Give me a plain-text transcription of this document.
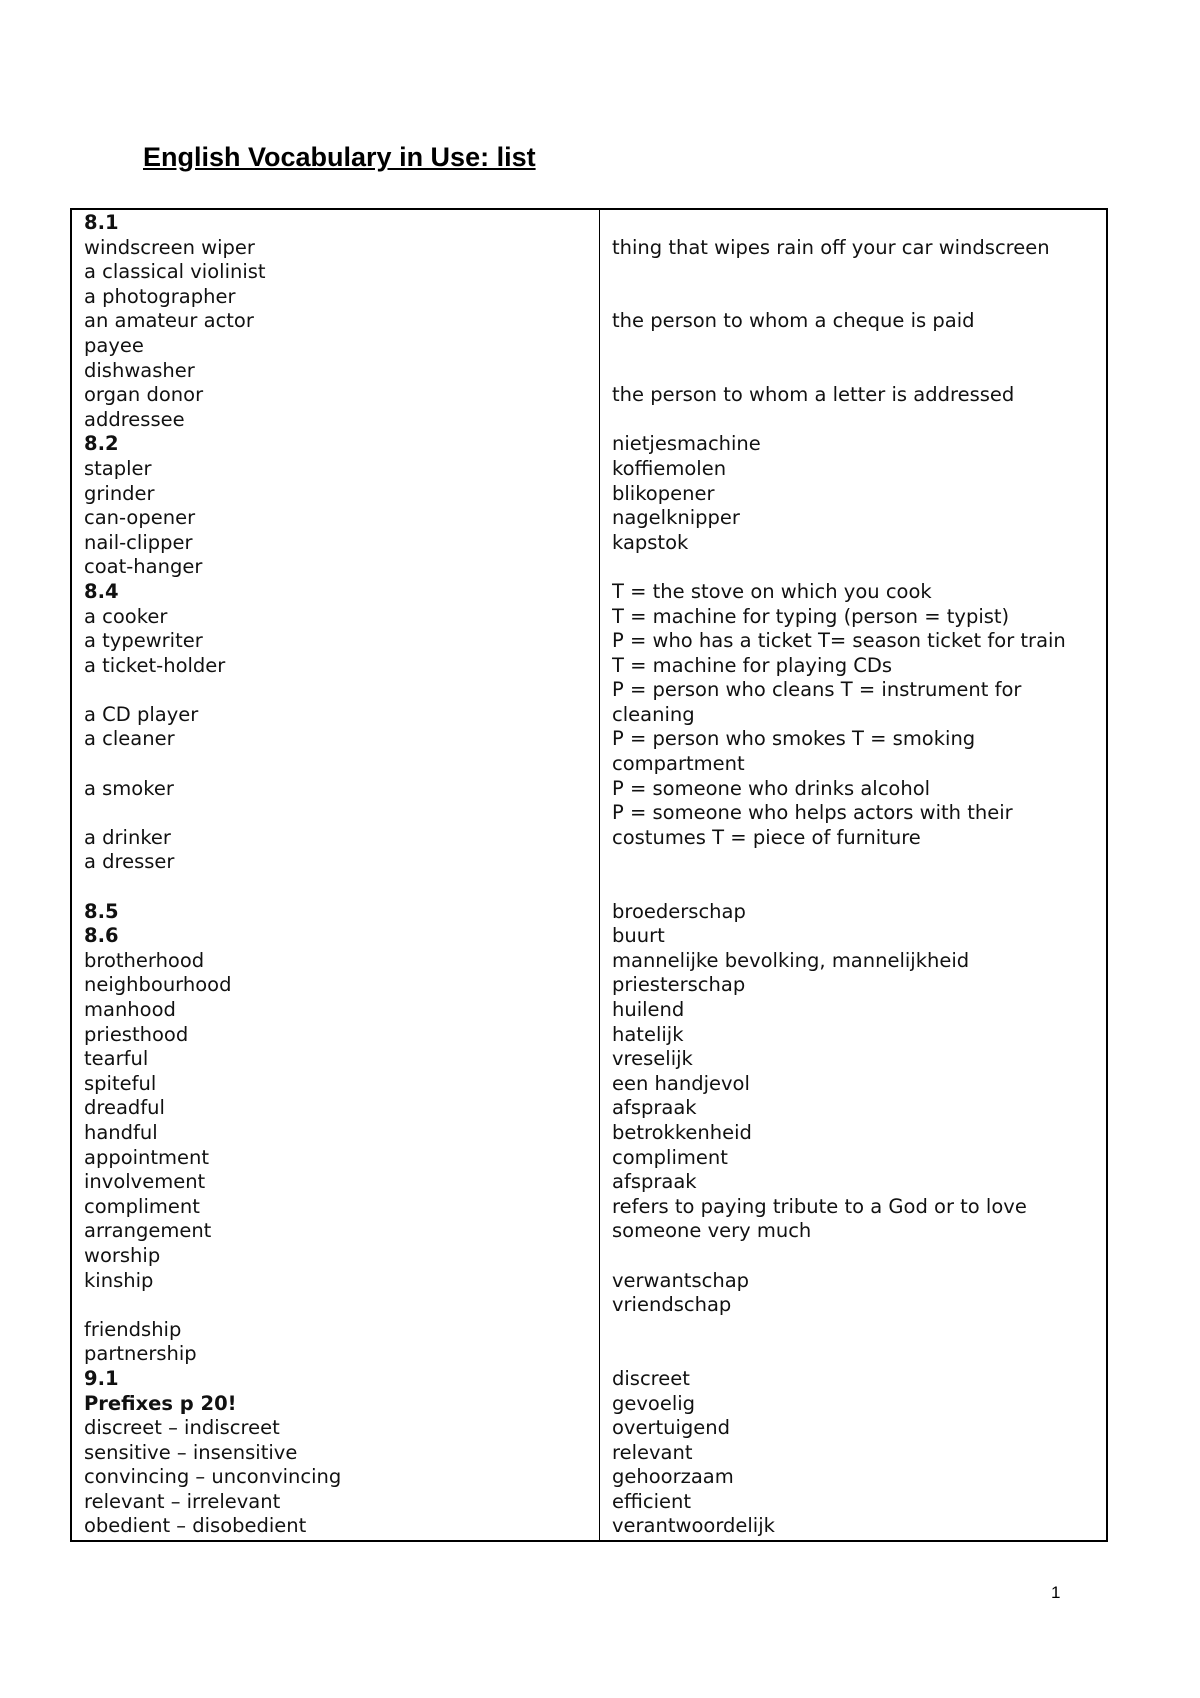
English Vocabulary in Use: list
8.1
windscreen wiper
a classical violinist
a photographer
an amateur actor
payee
dishwasher
organ donor
addressee
8.2
stapler
grinder
can-opener
nail-clipper
coat-hanger
8.4
a cooker
a typewriter
a ticket-holder
a CD player
a cleaner
a smoker
a drinker
a dresser
8.5
8.6
brotherhood
neighbourhood
manhood
priesthood
tearful
spiteful
dreadful
handful
appointment
involvement
compliment
arrangement
worship
kinship
friendship
partnership
9.1
Prefixes p 20!
discreet – indiscreet
sensitive – insensitive
convincing – unconvincing
relevant – irrelevant
obedient – disobedient
thing that wipes rain off your car windscreen
the person to whom a cheque is paid
the person to whom a letter is addressed
nietjesmachine
koffiemolen
blikopener
nagelknipper
kapstok
T = the stove on which you cook
T = machine for typing (person = typist)
P = who has a ticket T= season ticket for train
T = machine for playing CDs
P = person who cleans T = instrument for
cleaning
P = person who smokes T = smoking
compartment
P = someone who drinks alcohol
P = someone who helps actors with their
costumes T = piece of furniture
broederschap
buurt
mannelijke bevolking, mannelijkheid
priesterschap
huilend
hatelijk
vreselijk
een handjevol
afspraak
betrokkenheid
compliment
afspraak
refers to paying tribute to a God or to love
someone very much
verwantschap
vriendschap
discreet
gevoelig
overtuigend
relevant
gehoorzaam
efficient
verantwoordelijk
1
